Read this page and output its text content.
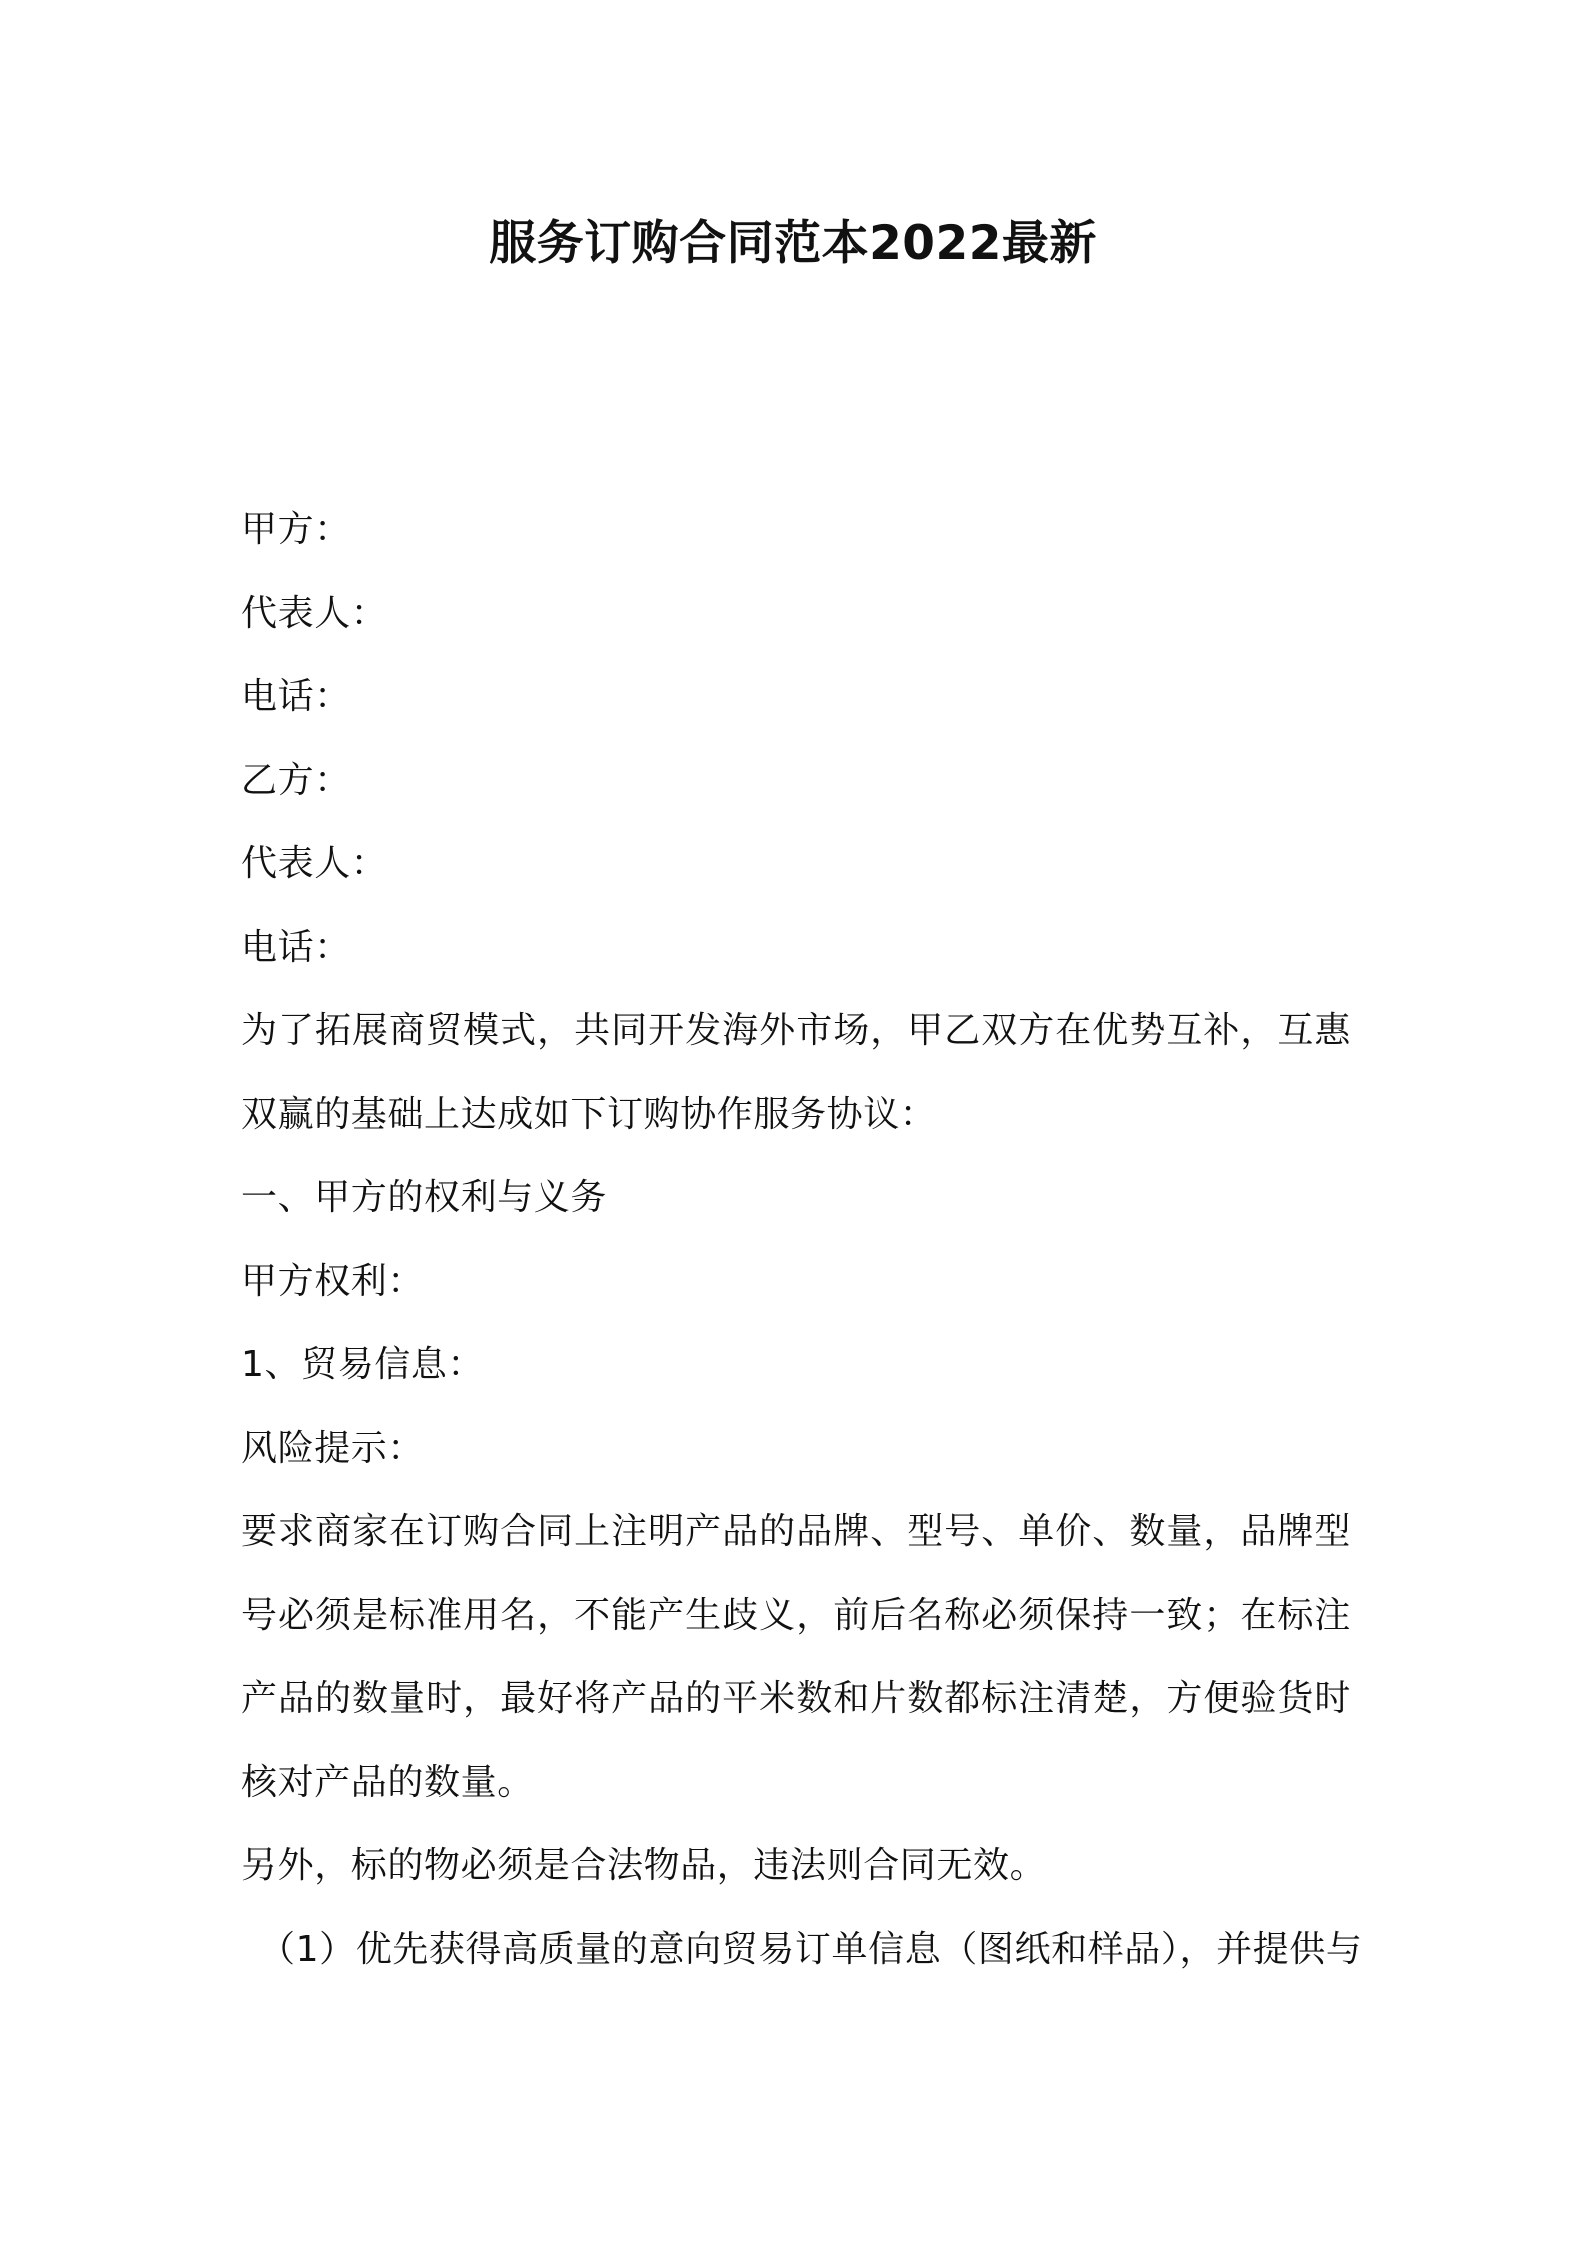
服务订购合同范本2022最新
甲方：
代表人：
电话：
乙方：
代表人：
电话：
为了拓展商贸模式，共同开发海外市场，甲乙双方在优势互补，互惠双赢的基础上达成如下订购协作服务协议：
一、甲方的权利与义务
甲方权利：
1、贸易信息：
风险提示：
要求商家在订购合同上注明产品的品牌、型号、单价、数量，品牌型号必须是标准用名，不能产生歧义，前后名称必须保持一致；在标注产品的数量时，最好将产品的平米数和片数都标注清楚，方便验货时核对产品的数量。
另外，标的物必须是合法物品，违法则合同无效。
（1）优先获得高质量的意向贸易订单信息（图纸和样品），并提供与
